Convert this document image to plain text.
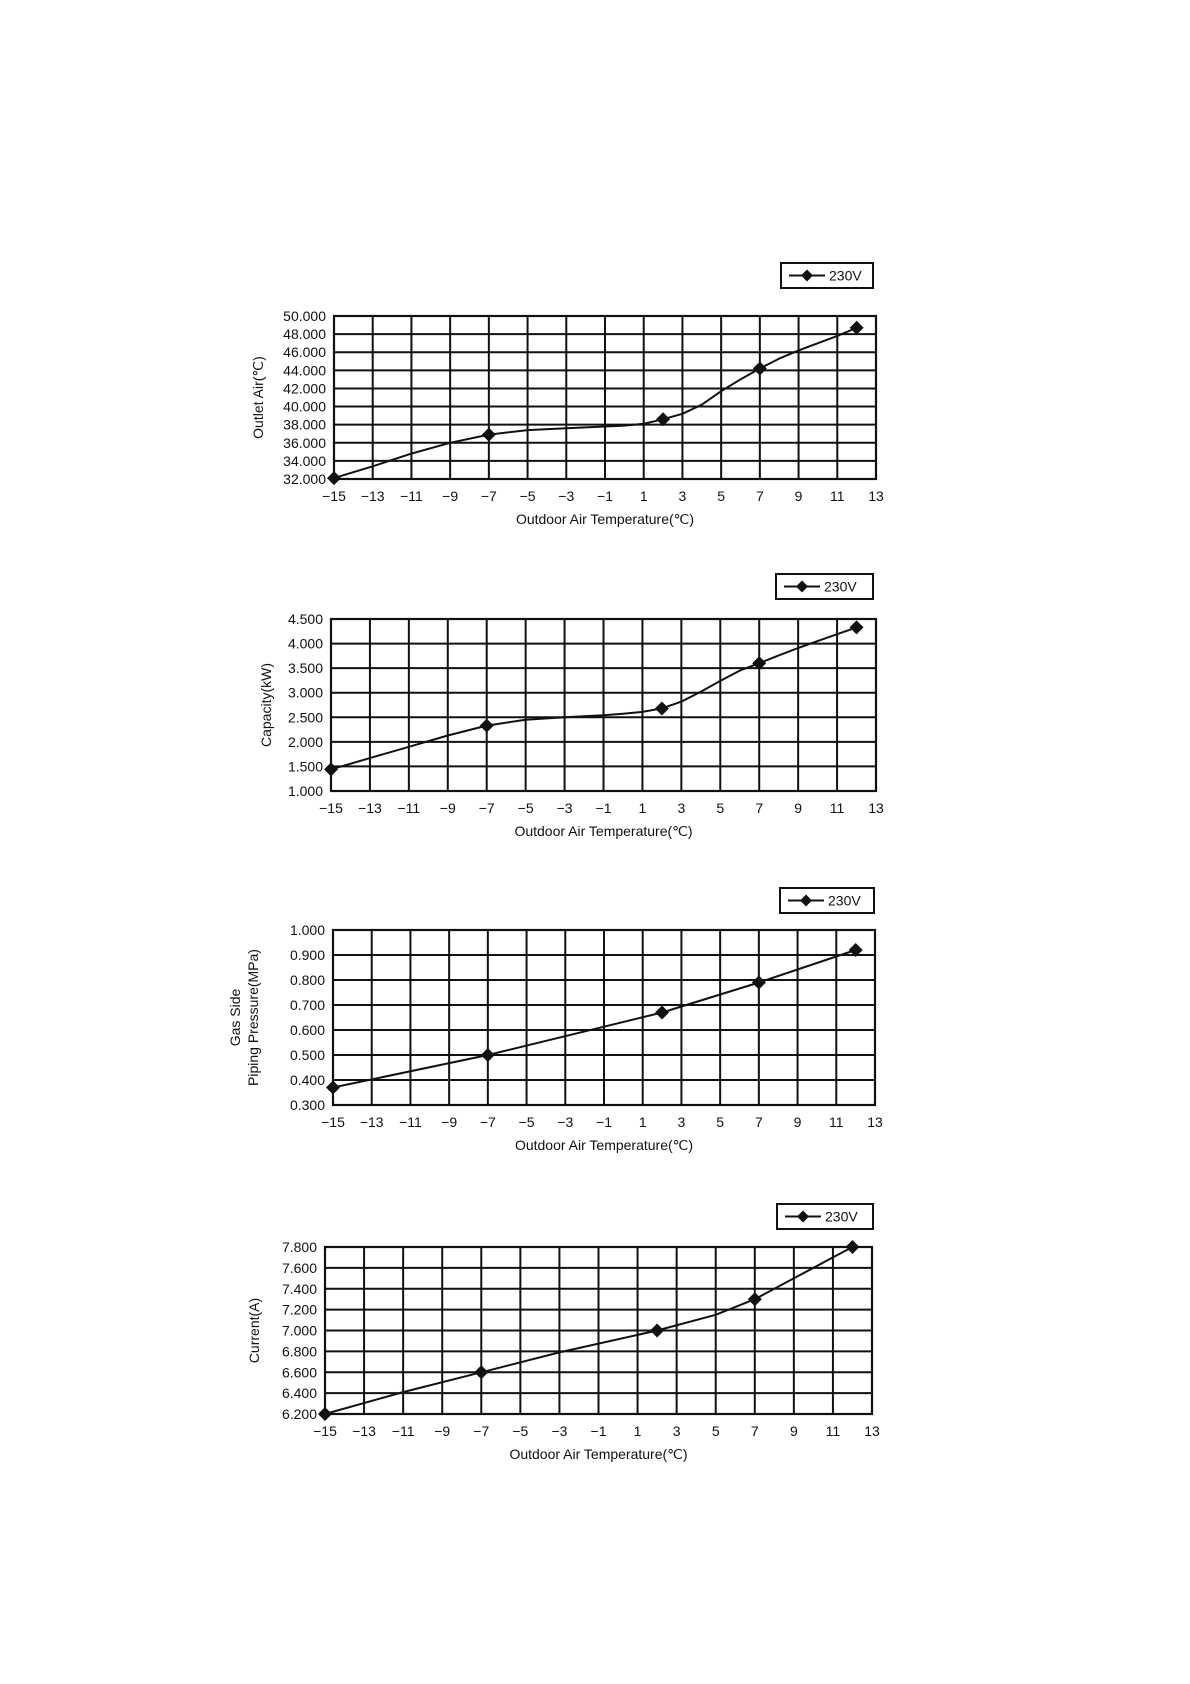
−15 −13 −11 −9 −7 −5 −3 −1 1 3 5 7 9 11 13
32.000
34.000
36.000
38.000
40.000
42.000
44.000
46.000
48.000
50.000
Outdoor Air Temperature(℃)
Outlet Air(℃)
230V
−15 −13 −11 −9 −7 −5 −3 −1 1 3 5 7 9 11 13
1.000
1.500
2.000
2.500
3.000
3.500
4.000
4.500
Outdoor Air Temperature(℃)
Capacity(kW)
230V
−15 −13 −11 −9 −7 −5 −3 −1 1 3 5 7 9 11 13
0.300
0.400
0.500
0.600
0.700
0.800
0.900
1.000
Outdoor Air Temperature(℃)
Gas Side Piping Pressure(MPa)
230V
−15 −13 −11 −9 −7 −5 −3 −1 1 3 5 7 9 11 13
6.200
6.400
6.600
6.800
7.000
7.200
7.400
7.600
7.800
Outdoor Air Temperature(℃)
Current(A)
230V
